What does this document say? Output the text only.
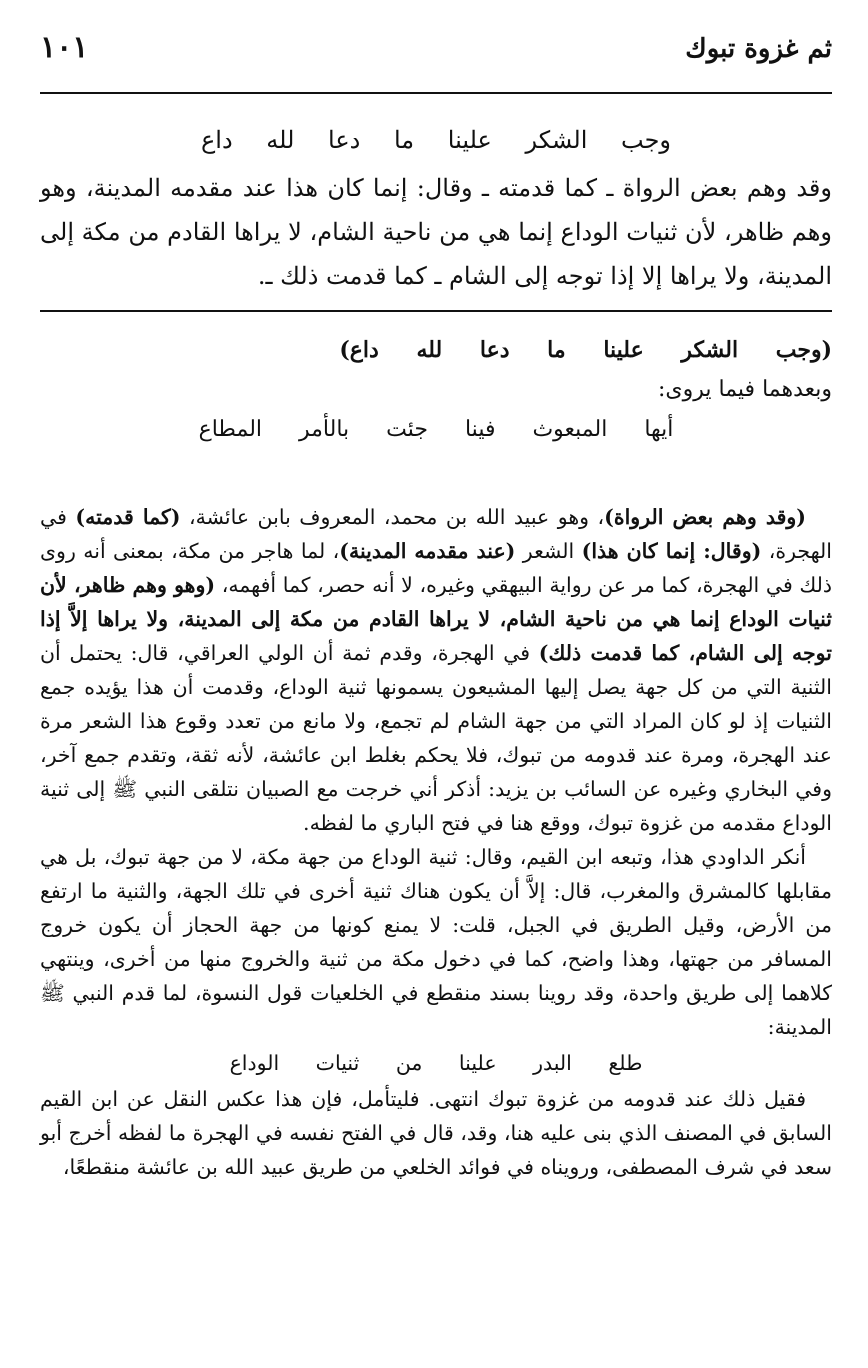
ثم غزوة تبوك
١٠١
وجب الشكر علينا ما دعا لله داع
وقد وهم بعض الرواة ـ كما قدمته ـ وقال: إنما كان هذا عند مقدمه المدينة، وهو وهم ظاهر، لأن ثنيات الوداع إنما هي من ناحية الشام، لا يراها القادم من مكة إلى المدينة، ولا يراها إلا إذا توجه إلى الشام ـ كما قدمت ذلك ـ.
(وجب الشكر علينا ما دعا لله داع)
وبعدهما فيما يروى:
أيها المبعوث فينا جئت بالأمر المطاع

(وقد وهم بعض الرواة)، وهو عبيد الله بن محمد، المعروف بابن عائشة، (كما قدمته) في الهجرة، (وقال: إنما كان هذا) الشعر (عند مقدمه المدينة)، لما هاجر من مكة، بمعنى أنه روى ذلك في الهجرة، كما مر عن رواية البيهقي وغيره، لا أنه حصر، كما أفهمه، (وهو وهم ظاهر، لأن ثنيات الوداع إنما هي من ناحية الشام، لا يراها القادم من مكة إلى المدينة، ولا يراها إلاَّ إذا توجه إلى الشام، كما قدمت ذلك) في الهجرة، وقدم ثمة أن الولي العراقي، قال: يحتمل أن الثنية التي من كل جهة يصل إليها المشيعون يسمونها ثنية الوداع، وقدمت أن هذا يؤيده جمع الثنيات إذ لو كان المراد التي من جهة الشام لم تجمع، ولا مانع من تعدد وقوع هذا الشعر مرة عند الهجرة، ومرة عند قدومه من تبوك، فلا يحكم بغلط ابن عائشة، لأنه ثقة، وتقدم جمع آخر، وفي البخاري وغيره عن السائب بن يزيد: أذكر أني خرجت مع الصبيان نتلقى النبي ﷺ إلى ثنية الوداع مقدمه من غزوة تبوك، ووقع هنا في فتح الباري ما لفظه.

أنكر الداودي هذا، وتبعه ابن القيم، وقال: ثنية الوداع من جهة مكة، لا من جهة تبوك، بل هي مقابلها كالمشرق والمغرب، قال: إلاَّ أن يكون هناك ثنية أخرى في تلك الجهة، والثنية ما ارتفع من الأرض، وقيل الطريق في الجبل، قلت: لا يمنع كونها من جهة الحجاز أن يكون خروج المسافر من جهتها، وهذا واضح، كما في دخول مكة من ثنية والخروج منها من أخرى، وينتهي كلاهما إلى طريق واحدة، وقد روينا بسند منقطع في الخلعيات قول النسوة، لما قدم النبي ﷺ المدينة:

طلع البدر علينا من ثنيات الوداع

فقيل ذلك عند قدومه من غزوة تبوك انتهى. فليتأمل، فإن هذا عكس النقل عن ابن القيم السابق في المصنف الذي بنى عليه هنا، وقد، قال في الفتح نفسه في الهجرة ما لفظه أخرج أبو سعد في شرف المصطفى، ورويناه في فوائد الخلعي من طريق عبيد الله بن عائشة منقطعًا،
